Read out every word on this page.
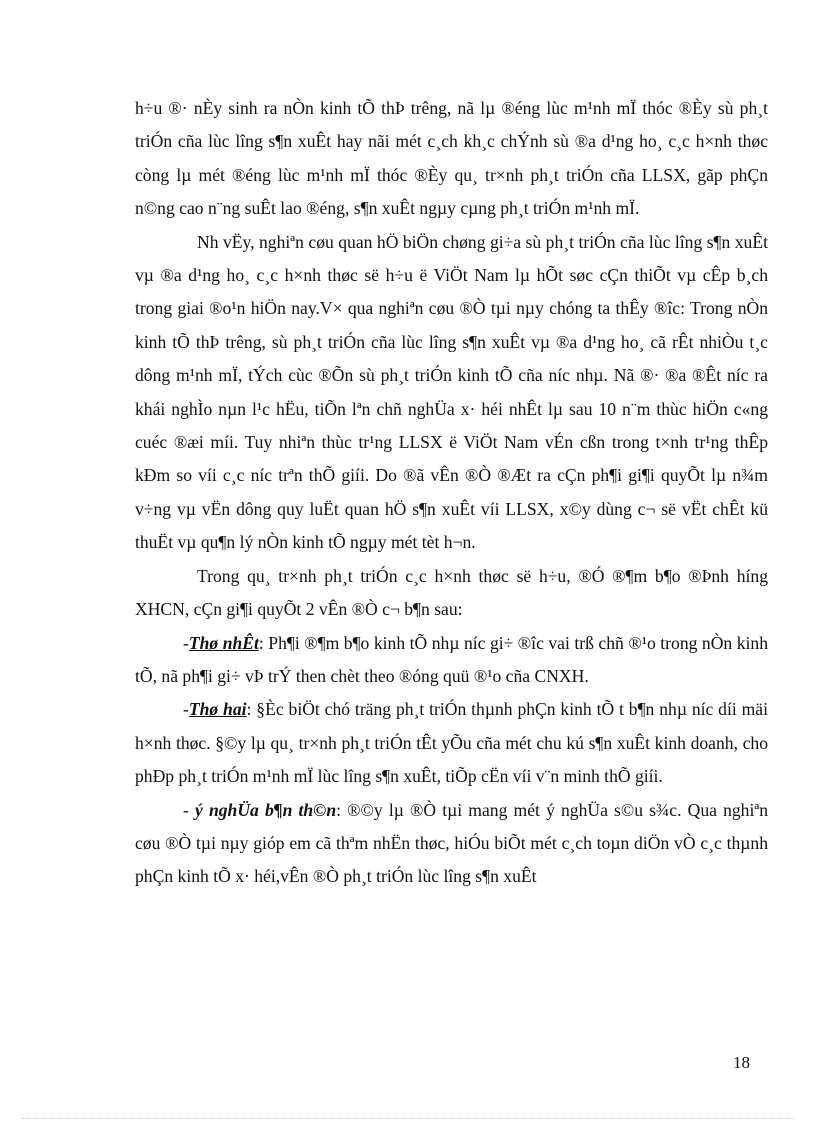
h÷u ®· nÈy sinh ra nÒn kinh tÕ thÞ trêng, nã lµ ®éng lùc m¹nh mÏ thóc ®Èy sù ph¸t triÓn cña lùc lîng s¶n xuÊt hay nãi mét c¸ch kh¸c chÝnh sù ®a d¹ng ho¸ c¸c h×nh thøc còng lµ mét ®éng lùc m¹nh mÏ thóc ®Èy qu¸ tr×nh ph¸t triÓn cña LLSX, gãp phÇn n©ng cao n¨ng suÊt lao ®éng, s¶n xuÊt ngµy cµng ph¸t triÓn m¹nh mÏ.

Nh vËy, nghiªn cøu quan hÖ biÖn chøng gi÷a sù ph¸t triÓn cña lùc lîng s¶n xuÊt vµ ®a d¹ng ho¸ c¸c h×nh thøc së h÷u ë ViÖt Nam lµ hÕt søc cÇn thiÕt vµ cÊp b¸ch trong giai ®o¹n hiÖn nay.V× qua nghiªn cøu ®Ò tµi nµy chóng ta thÊy ®îc: Trong nÒn kinh tÕ thÞ trêng, sù ph¸t triÓn cña lùc lîng s¶n xuÊt vµ ®a d¹ng ho¸ cã rÊt nhiÒu t¸c dông m¹nh mÏ, tÝch cùc ®Õn sù ph¸t triÓn kinh tÕ cña níc nhµ. Nã ®· ®a ®Êt níc ra khái nghÌo nµn l¹c hËu, tiÕn lªn chñ nghÜa x· héi nhÊt lµ sau 10 n¨m thùc hiÖn c«ng cuéc ®æi míi. Tuy nhiªn thùc tr¹ng LLSX ë ViÖt Nam vÉn cßn trong t×nh tr¹ng thÊp kÐm so víi c¸c níc trªn thÕ giíi. Do ®ã vÊn ®Ò ®Æt ra cÇn ph¶i gi¶i quyÕt lµ n¾m v÷ng vµ vËn dông quy luËt quan hÖ s¶n xuÊt víi LLSX, x©y dùng c¬ së vËt chÊt kü thuËt vµ qu¶n lý nÒn kinh tÕ ngµy mét tèt h¬n.

Trong qu¸ tr×nh ph¸t triÓn c¸c h×nh thøc së h÷u, ®Ó ®¶m b¶o ®Þnh híng XHCN, cÇn gi¶i quyÕt 2 vÊn ®Ò c¬ b¶n sau:

-Thø nhÊt: Ph¶i ®¶m b¶o kinh tÕ nhµ níc gi÷ ®îc vai trß chñ ®¹o trong nÒn kinh tÕ, nã ph¶i gi÷ vÞ trÝ then chèt theo ®óng quü ®¹o cña CNXH.

-Thø hai: §Èc biÖt chó träng ph¸t triÓn thµnh phÇn kinh tÕ t b¶n nhµ níc díi mäi h×nh thøc. §©y lµ qu¸ tr×nh ph¸t triÓn tÊt yÕu cña mét chu kú s¶n xuÊt kinh doanh, cho phÐp ph¸t triÓn m¹nh mÏ lùc lîng s¶n xuÊt, tiÕp cËn víi v¨n minh thÕ giíi.

- ý nghÜa b¶n th©n: ®©y lµ ®Ò tµi mang mét ý nghÜa s©u s¾c. Qua nghiªn cøu ®Ò tµi nµy gióp em cã thªm nhËn thøc, hiÓu biÕt mét c¸ch toµn diÖn vÒ c¸c thµnh phÇn kinh tÕ x· héi,vÊn ®Ò ph¸t triÓn lùc lîng s¶n xuÊt

18
